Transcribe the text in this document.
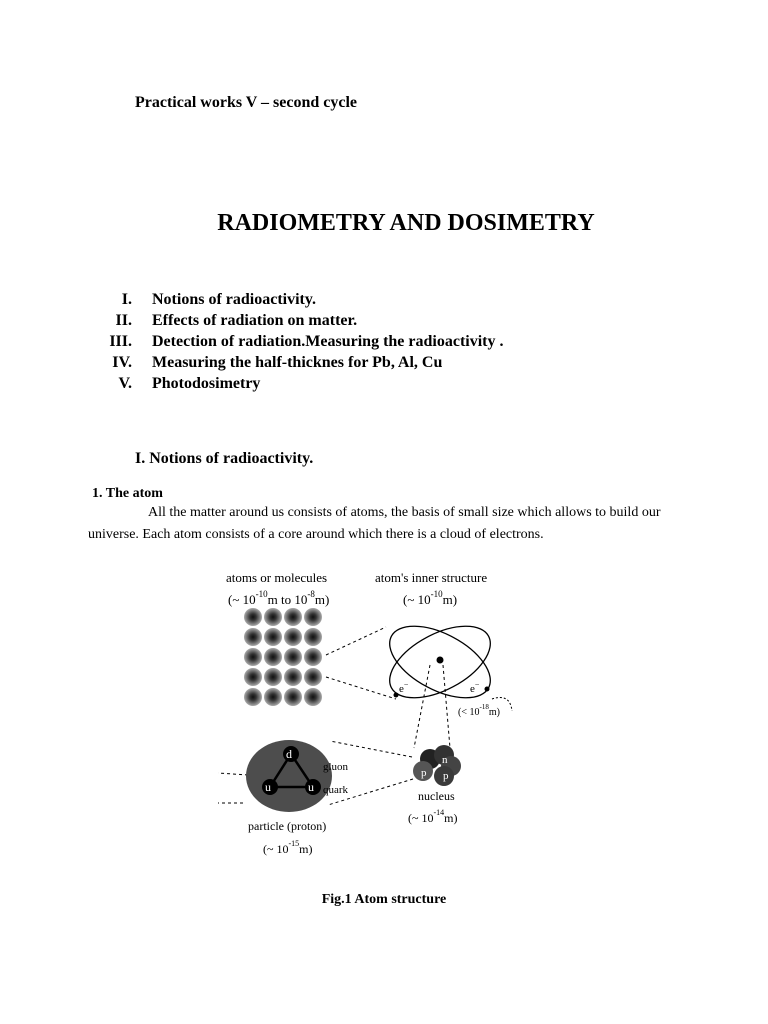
Practical works V – second cycle
RADIOMETRY AND DOSIMETRY
I. Notions of radioactivity.
II. Effects of radiation on matter.
III. Detection of radiation.Measuring the radioactivity .
IV. Measuring the half-thicknes for Pb, Al, Cu
V. Photodosimetry
I. Notions of radioactivity.
1. The atom

All the matter around us consists of atoms, the basis of small size which allows to build our universe. Each atom consists of a core around which there is a cloud of electrons.

atoms or molecules
(~ $10^{-10}m$ to $10^{-8}m$)
atom's inner structure
(~ $10^{-10}m$)
e−	e−
(< $10^{-18}m$)
n
p p
nucleus
(~ $10^{-14}m$)
d
u	u
gluon
quark
particle (proton)
(~ $10^{-15}m$)
Fig.1 Atom structure
